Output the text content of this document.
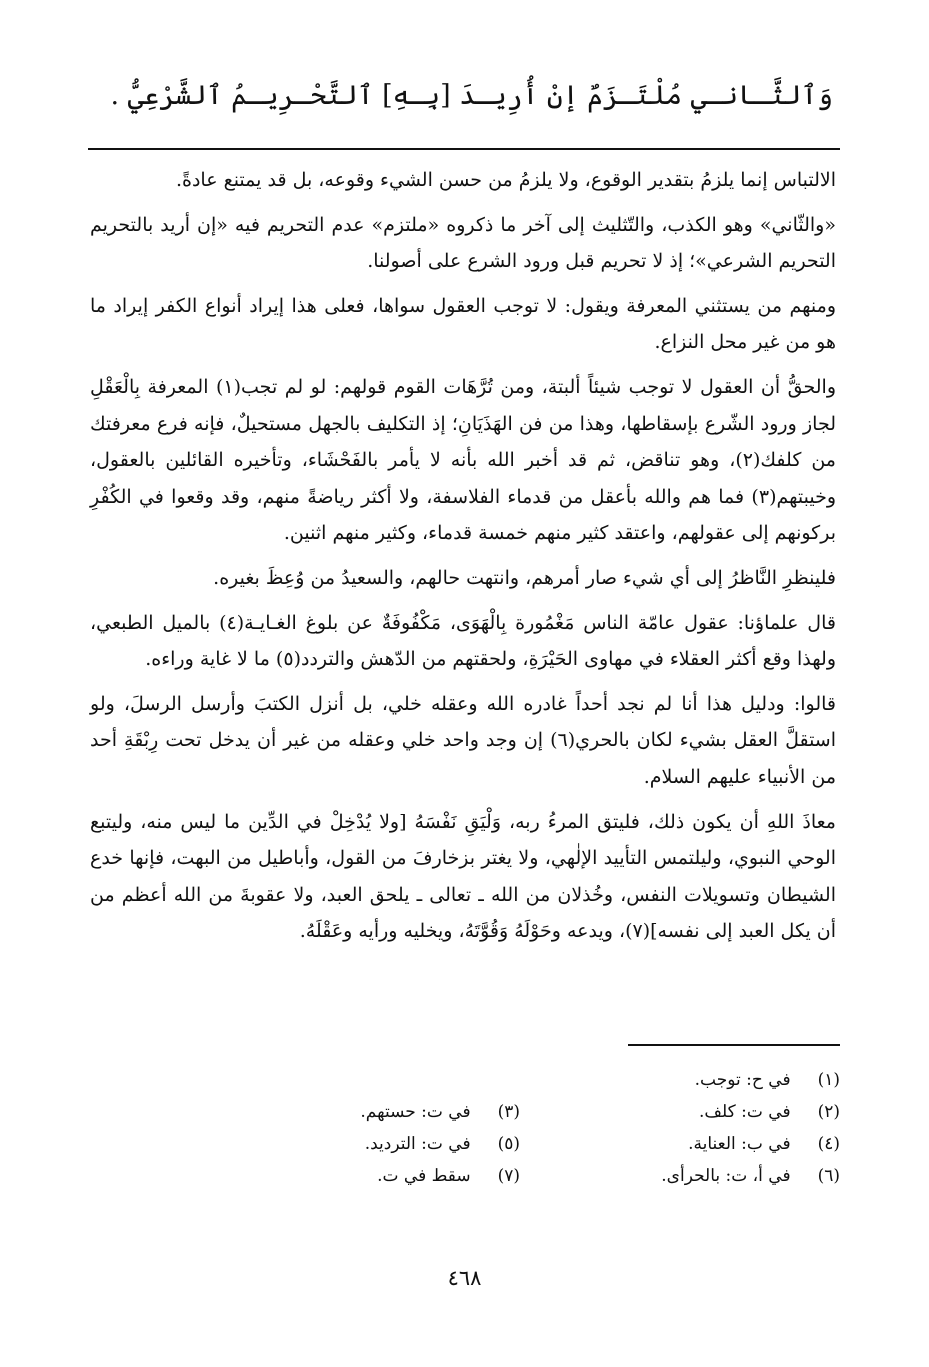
وَٱلثَّـانـي مُلْتَـزَمٌ إنْ أُرِيـدَ [بِـهِ] ٱلتَّحْـرِيـمُ ٱلشَّرْعِيُّ .

الالتباس إنما يلزمُ بتقدير الوقوع، ولا يلزمُ من حسن الشيء وقوعه، بل قد يمتنع عادةً.

«والثّاني» وهو الكذب، والتّثليث إلى آخر ما ذكروه «ملتزم» عدم التحريم فيه «إن أريد بالتحريم التحريم الشرعي»؛ إذ لا تحريم قبل ورود الشرع على أصولنا.

ومنهم من يستثني المعرفة ويقول: لا توجب العقول سواها، فعلى هذا إيراد أنواع الكفر إيراد ما هو من غير محل النزاع.

والحقُّ أن العقول لا توجب شيئاً ألبتة، ومن تُرَّهَات القوم قولهم: لو لم تجب(١) المعرفة بِالْعَقْلِ لجاز ورود الشّرع بإسقاطها، وهذا من فن الهَذَيَانِ؛ إذ التكليف بالجهل مستحيلٌ، فإنه فرع معرفتك من كلفك(٢)، وهو تناقض، ثم قد أخبر الله بأنه لا يأمر بالفَحْشَاء، وتأخيره القائلين بالعقول، وخيبتهم(٣) فما هم والله بأعقل من قدماء الفلاسفة، ولا أكثر رياضةً منهم، وقد وقعوا في الكُفْرِ بركونهم إلى عقولهم، واعتقد كثير منهم خمسة قدماء، وكثير منهم اثنين.

فلينظرِ النَّاظرُ إلى أي شيء صار أمرهم، وانتهت حالهم، والسعيدُ من وُعِظَ بغيره.

قال علماؤنا: عقول عامّة الناس مَغْمُورة بِالْهَوَى، مَكْفُوفَةٌ عن بلوغ الغـايـة(٤) بالميل الطبعي، ولهذا وقع أكثر العقلاء في مهاوى الحَيْرَةِ، ولحقتهم من الدّهش والتردد(٥) ما لا غاية وراءه.

قالوا: ودليل هذا أنا لم نجد أحداً غادره الله وعقله خلي، بل أنزل الكتبَ وأرسل الرسلَ، ولو استقلَّ العقل بشيء لكان بالحري(٦) إن وجد واحد خلي وعقله من غير أن يدخل تحت رِبْقَةِ أحد من الأنبياء عليهم السلام.

معاذَ اللهِ أن يكون ذلك، فليتق المرءُ ربه، وَلْيَقِ نَفْسَهُ [ولا يُدْخِلْ في الدِّين ما ليس منه، وليتبع الوحي النبوي، وليلتمس التأييد الإلٰهي، ولا يغتر بزخارفَ من القول، وأباطيل من البهت، فإنها خدع الشيطان وتسويلات النفس، وخُذلان من الله ـ تعالى ـ يلحق العبد، ولا عقوبةَ من الله أعظم من أن يكل العبد إلى نفسه](٧)، ويدعه وحَوْلَهُ وَقُوَّتَهُ، ويخليه ورأيه وعَقْلَهُ.

(١) في ح: توجب.
(٢) في ت: كلف.
(٣) في ت: حستهم.
(٤) في ب: العناية.
(٥) في ت: الترديد.
(٦) في أ، ت: بالحرأى.
(٧) سقط في ت.
٤٦٨
